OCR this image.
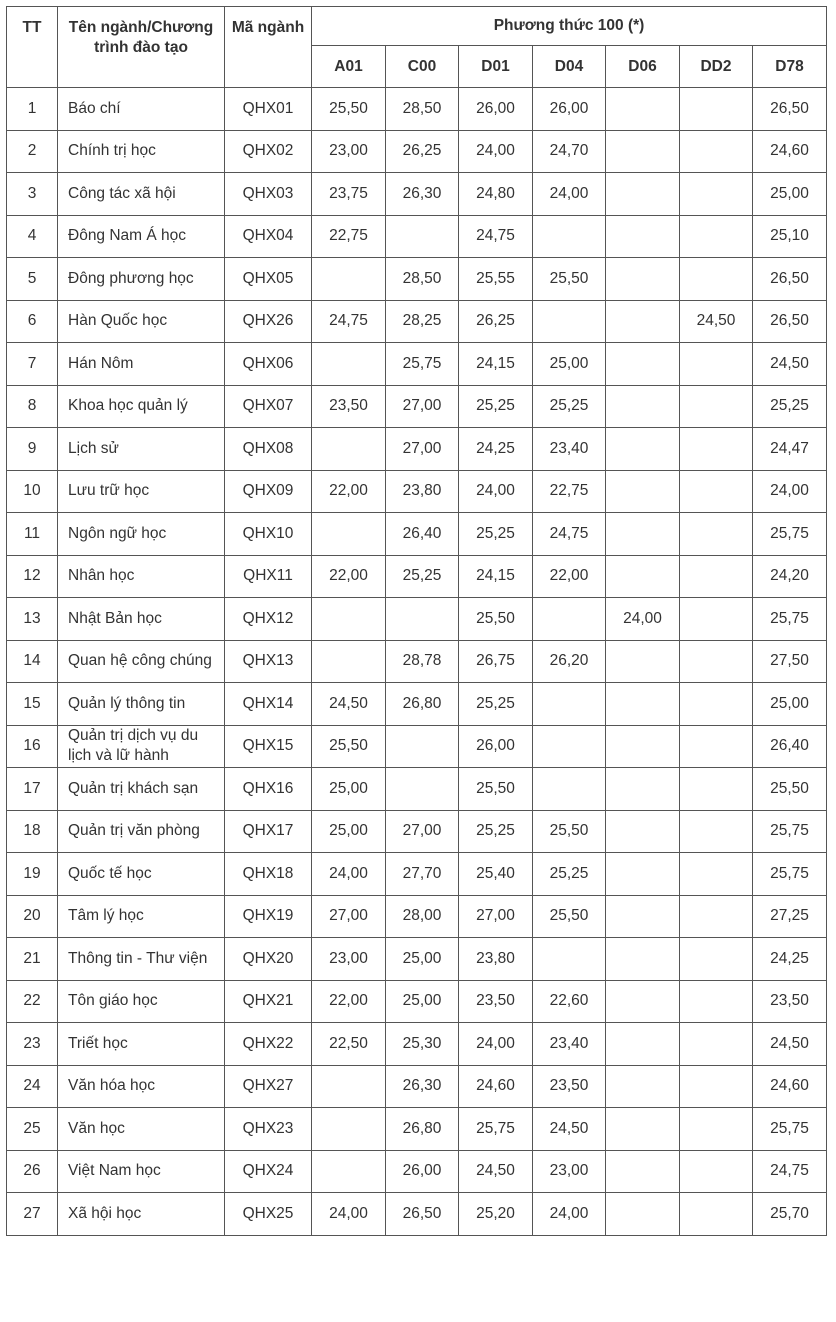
TT	Tên ngành/Chương trình đào tạo	Mã ngành	Phương thức 100 (*)						
			A01	C00	D01	D04	D06	DD2	D78
1	Báo chí	QHX01	25,50	28,50	26,00	26,00			26,50
2	Chính trị học	QHX02	23,00	26,25	24,00	24,70			24,60
3	Công tác xã hội	QHX03	23,75	26,30	24,80	24,00			25,00
4	Đông Nam Á học	QHX04	22,75		24,75				25,10
5	Đông phương học	QHX05		28,50	25,55	25,50			26,50
6	Hàn Quốc học	QHX26	24,75	28,25	26,25			24,50	26,50
7	Hán Nôm	QHX06		25,75	24,15	25,00			24,50
8	Khoa học quản lý	QHX07	23,50	27,00	25,25	25,25			25,25
9	Lịch sử	QHX08		27,00	24,25	23,40			24,47
10	Lưu trữ học	QHX09	22,00	23,80	24,00	22,75			24,00
11	Ngôn ngữ học	QHX10		26,40	25,25	24,75			25,75
12	Nhân học	QHX11	22,00	25,25	24,15	22,00			24,20
13	Nhật Bản học	QHX12			25,50		24,00		25,75
14	Quan hệ công chúng	QHX13		28,78	26,75	26,20			27,50
15	Quản lý thông tin	QHX14	24,50	26,80	25,25				25,00
16	Quản trị dịch vụ du lịch và lữ hành	QHX15	25,50		26,00				26,40
17	Quản trị khách sạn	QHX16	25,00		25,50				25,50
18	Quản trị văn phòng	QHX17	25,00	27,00	25,25	25,50			25,75
19	Quốc tế học	QHX18	24,00	27,70	25,40	25,25			25,75
20	Tâm lý học	QHX19	27,00	28,00	27,00	25,50			27,25
21	Thông tin - Thư viện	QHX20	23,00	25,00	23,80				24,25
22	Tôn giáo học	QHX21	22,00	25,00	23,50	22,60			23,50
23	Triết học	QHX22	22,50	25,30	24,00	23,40			24,50
24	Văn hóa học	QHX27		26,30	24,60	23,50			24,60
25	Văn học	QHX23		26,80	25,75	24,50			25,75
26	Việt Nam học	QHX24		26,00	24,50	23,00			24,75
27	Xã hội học	QHX25	24,00	26,50	25,20	24,00			25,70
